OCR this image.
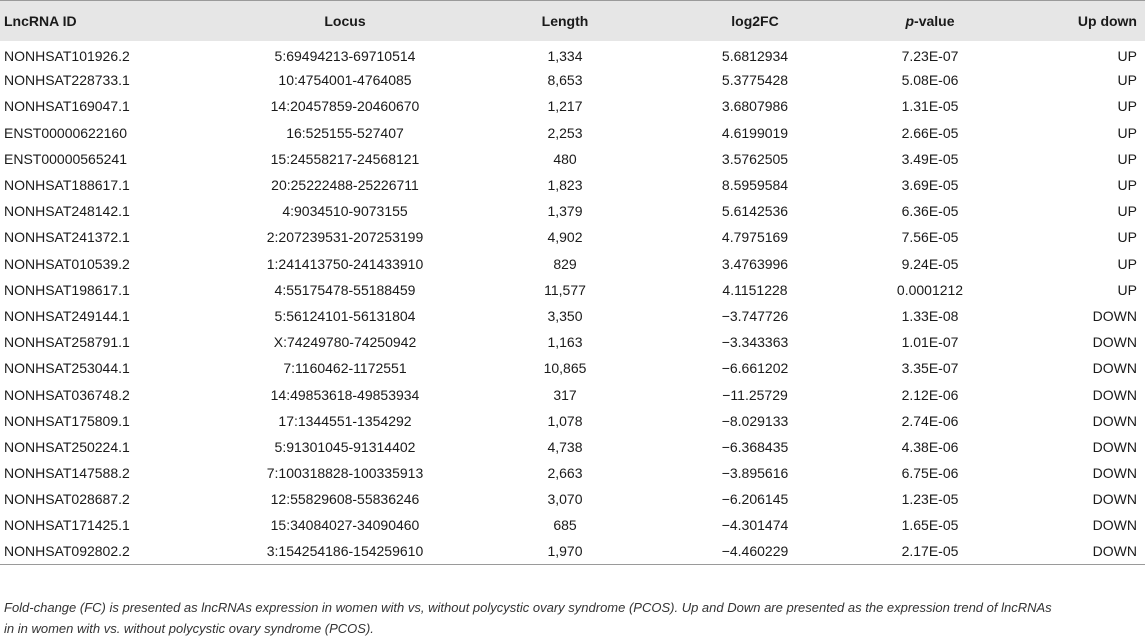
LncRNA ID	Locus	Length	log2FC	p-value	Up down
NONHSAT101926.2	5:69494213-69710514	1,334	5.6812934	7.23E-07	UP
NONHSAT228733.1	10:4754001-4764085	8,653	5.3775428	5.08E-06	UP
NONHSAT169047.1	14:20457859-20460670	1,217	3.6807986	1.31E-05	UP
ENST00000622160	16:525155-527407	2,253	4.6199019	2.66E-05	UP
ENST00000565241	15:24558217-24568121	480	3.5762505	3.49E-05	UP
NONHSAT188617.1	20:25222488-25226711	1,823	8.5959584	3.69E-05	UP
NONHSAT248142.1	4:9034510-9073155	1,379	5.6142536	6.36E-05	UP
NONHSAT241372.1	2:207239531-207253199	4,902	4.7975169	7.56E-05	UP
NONHSAT010539.2	1:241413750-241433910	829	3.4763996	9.24E-05	UP
NONHSAT198617.1	4:55175478-55188459	11,577	4.1151228	0.0001212	UP
NONHSAT249144.1	5:56124101-56131804	3,350	−3.747726	1.33E-08	DOWN
NONHSAT258791.1	X:74249780-74250942	1,163	−3.343363	1.01E-07	DOWN
NONHSAT253044.1	7:1160462-1172551	10,865	−6.661202	3.35E-07	DOWN
NONHSAT036748.2	14:49853618-49853934	317	−11.25729	2.12E-06	DOWN
NONHSAT175809.1	17:1344551-1354292	1,078	−8.029133	2.74E-06	DOWN
NONHSAT250224.1	5:91301045-91314402	4,738	−6.368435	4.38E-06	DOWN
NONHSAT147588.2	7:100318828-100335913	2,663	−3.895616	6.75E-06	DOWN
NONHSAT028687.2	12:55829608-55836246	3,070	−6.206145	1.23E-05	DOWN
NONHSAT171425.1	15:34084027-34090460	685	−4.301474	1.65E-05	DOWN
NONHSAT092802.2	3:154254186-154259610	1,970	−4.460229	2.17E-05	DOWN
Fold-change (FC) is presented as lncRNAs expression in women with vs, without polycystic ovary syndrome (PCOS). Up and Down are presented as the expression trend of lncRNAs
in in women with vs. without polycystic ovary syndrome (PCOS).
